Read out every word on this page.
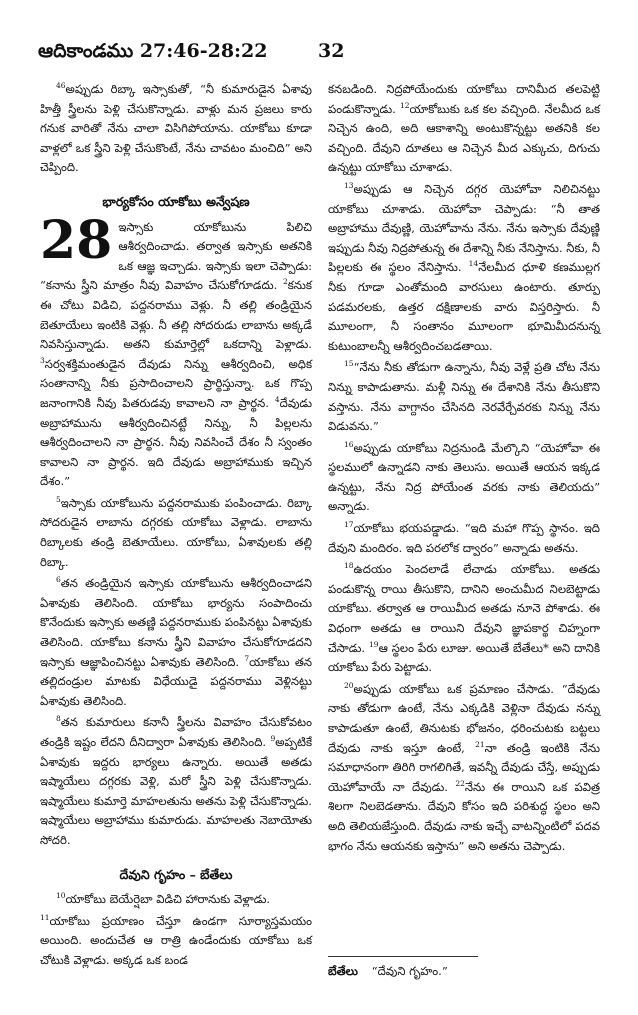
ఆదికాండము 27:46-28:22	32

$^{46}$అప్పుడు రిబ్కా ఇస్సాకుతో, “నీ కుమారుడైన ఏశావు హిత్తీ స్త్రీలను పెళ్లి చేసుకొన్నాడు. వాళ్లు మన ప్రజలు కారు గనుక వారితో నేను చాలా విసిగిపోయాను. యాకోబు కూడా వాళ్లలో ఒక స్త్రీని పెళ్లి చేసుకొంటే, నేను చావటం మంచిది” అని చెప్పింది.

భార్యకోసం యాకోబు అన్వేషణ

28 ఇస్సాకు యాకోబును పిలిచి ఆశీర్వదించాడు. తర్వాత ఇస్సాకు అతనికి ఒక ఆజ్ఞ ఇచ్చాడు. ఇస్సాకు ఇలా చెప్పాడు: “కనాను స్త్రీని మాత్రం నీవు వివాహం చేసుకోగూడదు. $^2$కనుక ఈ చోటు విడిచి, పద్దనరాము వెళ్లు. నీ తల్లి తండ్రియైన బెతూయేలు ఇంటికి వెళ్లు. నీ తల్లి సోదరుడు లాబాను అక్కడే నివసిస్తున్నాడు. అతని కుమార్తెల్లో ఒకదాన్ని పెళ్లాడు. $^3$సర్వశక్తిమంతుడైన దేవుడు నిన్ను ఆశీర్వదించి, అధిక సంతానాన్ని నీకు ప్రసాదించాలని ప్రార్థిస్తున్నా. ఒక గొప్ప జనాంగానికి నీవు పితరుడవు కావాలని నా ప్రార్థన. $^4$దేవుడు అబ్రాహామును ఆశీర్వదించినట్టే నిన్ను, నీ పిల్లలను ఆశీర్వదించాలని నా ప్రార్థన. నీవు నివసించే దేశం నీ స్వంతం కావాలని నా ప్రార్థన. ఇది దేవుడు అబ్రాహాముకు ఇచ్చిన దేశం.”

$^5$ఇస్సాకు యాకోబును పద్దనరాముకు పంపించాడు. రిబ్కా సోదరుడైన లాబాను దగ్గరకు యాకోబు వెళ్లాడు. లాబాను రిబ్కాలకు తండ్రి బెతూయేలు. యాకోబు, ఏశావులకు తల్లి రిబ్కా.

$^6$తన తండ్రియైన ఇస్సాకు యాకోబును ఆశీర్వదించాడని ఏశావుకు తెలిసింది. యాకోబు భార్యను సంపాదించు కొనేందుకు ఇస్సాకు అతణ్ణి పద్దనరాముకు పంపినట్టు ఏశావుకు తెలిసింది. యాకోబు కనాను స్త్రీని వివాహం చేసుకోగూడదని ఇస్సాకు ఆజ్ఞాపించినట్టు ఏశావుకు తెలిసింది. $^7$యాకోబు తన తల్లిదండ్రుల మాటకు విధేయుడై పద్దనరాము వెళ్లినట్టు ఏశావుకు తెలిసింది.

$^8$తన కుమారులు కనానీ స్త్రీలను వివాహం చేసుకోవటం తండ్రికి ఇష్టం లేదని దీనిద్వారా ఏశావుకు తెలిసింది. $^9$అప్పటికే ఏశావుకు ఇద్దరు భార్యలు ఉన్నారు. అయితే అతడు ఇష్మాయేలు దగ్గరకు వెళ్లి, మరో స్త్రీని పెళ్లి చేసుకొన్నాడు. ఇష్మాయేలు కుమార్తె మాహలతును అతను పెళ్లి చేసుకొన్నాడు. ఇష్మాయేలు అబ్రాహాము కుమారుడు. మాహలతు నెబాయోతు సోదరి.

దేవుని గృహం – బేతేలు

$^{10}$యాకోబు బెయేర్షెబా విడిచి హారానుకు వెళ్లాడు.

$^{11}$యాకోబు ప్రయాణం చేస్తూ ఉండగా సూర్యాస్తమయం అయింది. అందుచేత ఆ రాత్రి ఉండేందుకు యాకోబు ఒక చోటుకి వెళ్లాడు. అక్కడ ఒక బండ

కనబడింది. నిద్రపోయేందుకు యాకోబు దానిమీద తలపెట్టి పండుకొన్నాడు. $^{12}$యాకోబుకు ఒక కల వచ్చింది. నేలమీద ఒక నిచ్చెన ఉంది, అది ఆకాశాన్ని అంటుకొన్నట్టు అతనికి కల వచ్చింది. దేవుని దూతలు ఆ నిచ్చెన మీద ఎక్కుచు, దిగుచు ఉన్నట్టు యాకోబు చూశాడు.

$^{13}$అప్పుడు ఆ నిచ్చెన దగ్గర యెహోవా నిలిచినట్టు యాకోబు చూశాడు. యెహోవా చెప్పాడు: “నీ తాత అబ్రాహాము దేవుణ్ణి, యెహోవాను నేను. నేను ఇస్సాకు దేవుణ్ణి ఇప్పుడు నీవు నిద్రపోతున్న ఈ దేశాన్ని నీకు నేనిస్తాను. నీకు, నీ పిల్లలకు ఈ స్థలం నేనిస్తాను. $^{14}$నేలమీద ధూళి కణముల్లగ నీకు గూడా ఎంతోమంది వారసులు ఉంటారు. తూర్పు పడమరలకు, ఉత్తర దక్షిణాలకు వారు విస్తరిస్తారు. నీ మూలంగా, నీ సంతానం మూలంగా భూమిమీదనున్న కుటుంబాలన్నీ ఆశీర్వదించబడతాయి.

$^{15}$“నేను నీకు తోడుగా ఉన్నాను, నీవు వెళ్లే ప్రతి చోట నేను నిన్ను కాపాడుతాను. మళ్లీ నిన్ను ఈ దేశానికి నేను తీసుకొని వస్తాను. నేను వాగ్దానం చేసినది నెరవేర్చేవరకు నిన్ను నేను విడువను.”

$^{16}$అప్పుడు యాకోబు నిద్రనుండి మేల్కొని “యెహోవా ఈ స్థలములో ఉన్నాడని నాకు తెలుసు. అయితే ఆయన ఇక్కడ ఉన్నట్టు, నేను నిద్ర పోయేంత వరకు నాకు తెలియదు” అన్నాడు.

$^{17}$యాకోబు భయపడ్డాడు. “ఇది మహా గొప్ప స్థానం. ఇది దేవుని మందిరం. ఇది పరలోక ద్వారం” అన్నాడు అతను.

$^{18}$ఉదయం పెందలాడే లేచాడు యాకోబు. అతడు పండుకొన్న రాయి తీసుకొని, దానిని అంచుమీద నిలబెట్టాడు యాకోబు. తర్వాత ఆ రాయిమీద అతడు నూనె పోశాడు. ఈ విధంగా అతడు ఆ రాయిని దేవుని జ్ఞాపకార్థ చిహ్నంగా చేసాడు. $^{19}$ఆ స్థలం పేరు లూజు. అయితే బేతేలు* అని దానికి యాకోబు పేరు పెట్టాడు.

$^{20}$అప్పుడు యాకోబు ఒక ప్రమాణం చేసాడు. “దేవుడు నాకు తోడుగా ఉంటే, నేను ఎక్కడికి వెళ్లినా దేవుడు నన్ను కాపాడుతూ ఉంటే, తినుటకు భోజనం, ధరించుటకు బట్టలు దేవుడు నాకు ఇస్తూ ఉంటే, $^{21}$నా తండ్రి ఇంటికి నేను సమాధానంగా తిరిగి రాగలిగితే, ఇవన్నీ దేవుడు చేస్తే, అప్పుడు యెహోవాయే నా దేవుడు. $^{22}$నేను ఈ రాయిని ఒక పవిత్ర శిలగా నిలబెడతాను. దేవుని కోసం ఇది పరిశుద్ధ స్థలం అని అది తెలియజేస్తుంది. దేవుడు నాకు ఇచ్చే వాటన్నింటిలో పదవ భాగం నేను ఆయనకు ఇస్తాను” అని అతను చెప్పాడు.

బేతేలు “దేవుని గృహం.”
